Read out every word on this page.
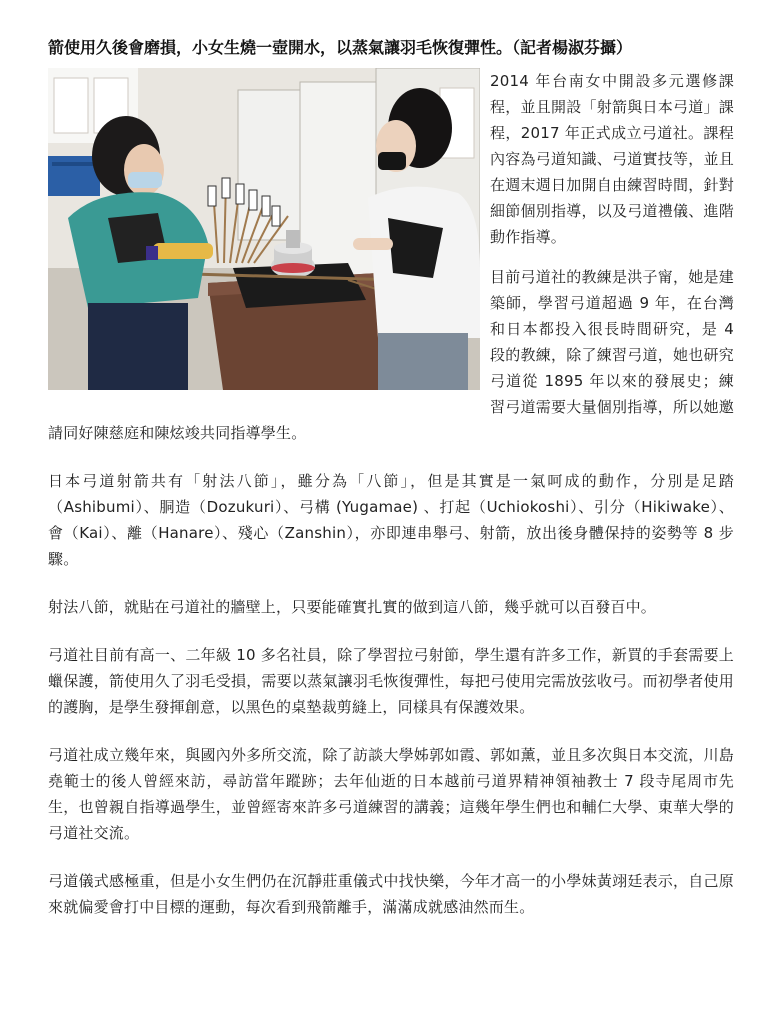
箭使用久後會磨損，小女生燒一壺開水，以蒸氣讓羽毛恢復彈性。（記者楊淑芬攝）

2014 年台南女中開設多元選修課程，並且開設「射箭與日本弓道」課程，2017 年正式成立弓道社。課程內容為弓道知識、弓道實技等，並且在週末週日加開自由練習時間，針對細節個別指導，以及弓道禮儀、進階動作指導。

目前弓道社的教練是洪子甯，她是建築師，學習弓道超過 9 年，在台灣和日本都投入很長時間研究，是 4 段的教練，除了練習弓道，她也研究弓道從 1895 年以來的發展史；練習弓道需要大量個別指導，所以她邀請同好陳慈庭和陳炫竣共同指導學生。

日本弓道射箭共有「射法八節」，雖分為「八節」，但是其實是一氣呵成的動作，分別是足踏（Ashibumi）、胴造（Dozukuri）、弓構 (Yugamae) 、打起（Uchiokoshi）、引分（Hikiwake）、會（Kai）、離（Hanare）、殘心（Zanshin），亦即連串舉弓、射箭，放出後身體保持的姿勢等 8 步驟。

射法八節，就貼在弓道社的牆壁上，只要能確實扎實的做到這八節，幾乎就可以百發百中。

弓道社目前有高一、二年級 10 多名社員，除了學習拉弓射節，學生還有許多工作，新買的手套需要上蠟保護，箭使用久了羽毛受損，需要以蒸氣讓羽毛恢復彈性，每把弓使用完需放弦收弓。而初學者使用的護胸，是學生發揮創意，以黑色的桌墊裁剪縫上，同樣具有保護效果。

弓道社成立幾年來，與國內外多所交流，除了訪談大學姊郭如霞、郭如薰，並且多次與日本交流，川島堯範士的後人曾經來訪，尋訪當年蹤跡；去年仙逝的日本越前弓道界精神領袖教士 7 段寺尾周市先生，也曾親自指導過學生，並曾經寄來許多弓道練習的講義；這幾年學生們也和輔仁大學、東華大學的弓道社交流。

弓道儀式感極重，但是小女生們仍在沉靜莊重儀式中找快樂，今年才高一的小學妹黃翊廷表示，自己原來就偏愛會打中目標的運動，每次看到飛箭離手，滿滿成就感油然而生。
